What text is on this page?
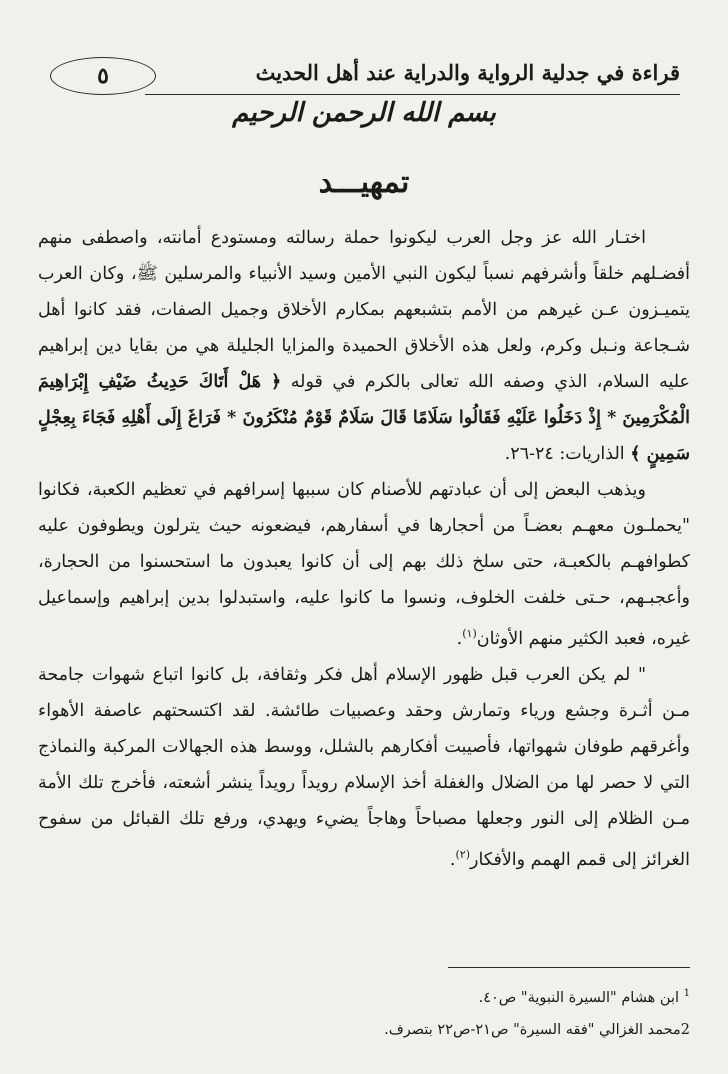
٥	قراءة في جدلية الرواية والدراية عند أهل الحديث
بسم الله الرحمن الرحيم
تمهيـــد

اختـار الله عز وجل العرب ليكونوا حملة رسالته ومستودع أمانته، واصطفى منهم أفضـلهم خلقاً وأشرفهم نسباً ليكون النبي الأمين وسيد الأنبياء والمرسلين ﷺ، وكان العرب يتميـزون عـن غيرهم من الأمم بتشبعهم بمكارم الأخلاق وجميل الصفات، فقد كانوا أهل شـجاعة ونـبل وكرم، ولعل هذه الأخلاق الحميدة والمزايا الجليلة هي من بقايا دين إبراهيم عليه السلام، الذي وصفه الله تعالى بالكرم في قوله ﴿ هَلْ أَتَاكَ حَدِيثُ ضَيْفِ إِبْرَاهِيمَ الْمُكْرَمِينَ * إِذْ دَخَلُوا عَلَيْهِ فَقَالُوا سَلَامًا قَالَ سَلَامٌ قَوْمٌ مُنْكَرُونَ * فَرَاغَ إِلَى أَهْلِهِ فَجَاءَ بِعِجْلٍ سَمِينٍ ﴾ الذاريات: ٢٤-٢٦.

ويذهب البعض إلى أن عبادتهم للأصنام كان سببها إسرافهم في تعظيم الكعبة، فكانوا "يحملـون معهـم بعضـاً من أحجارها في أسفارهم، فيضعونه حيث يترلون ويطوفون عليه كطوافهـم بالكعبـة، حتى سلخ ذلك بهم إلى أن كانوا يعبدون ما استحسنوا من الحجارة، وأعجبـهم، حـتى خلفت الخلوف، ونسوا ما كانوا عليه، واستبدلوا بدين إبراهيم وإسماعيل غيره، فعبد الكثير منهم الأوثان$^{(١)}$.

" لم يكن العرب قبل ظهور الإسلام أهل فكر وثقافة، بل كانوا اتباع شهوات جامحة مـن أثـرة وجشع ورياء وتمارش وحقد وعصبيات طائشة. لقد اكتسحتهم عاصفة الأهواء وأغرقهم طوفان شهواتها، فأصيبت أفكارهم بالشلل، ووسط هذه الجهالات المركبة والنماذج التي لا حصر لها من الضلال والغفلة أخذ الإسلام رويداً رويداً ينشر أشعته، فأخرج تلك الأمة مـن الظلام إلى النور وجعلها مصباحاً وهاجاً يضيء ويهدي، ورفع تلك القبائل من سفوح الغرائز إلى قمم الهمم والأفكار$^{(٢)}$.

$^1$ ابن هشام "السيرة النبوية" ص٤٠.

2محمد الغزالي "فقه السيرة" ص٢١-ص٢٢ بتصرف.
